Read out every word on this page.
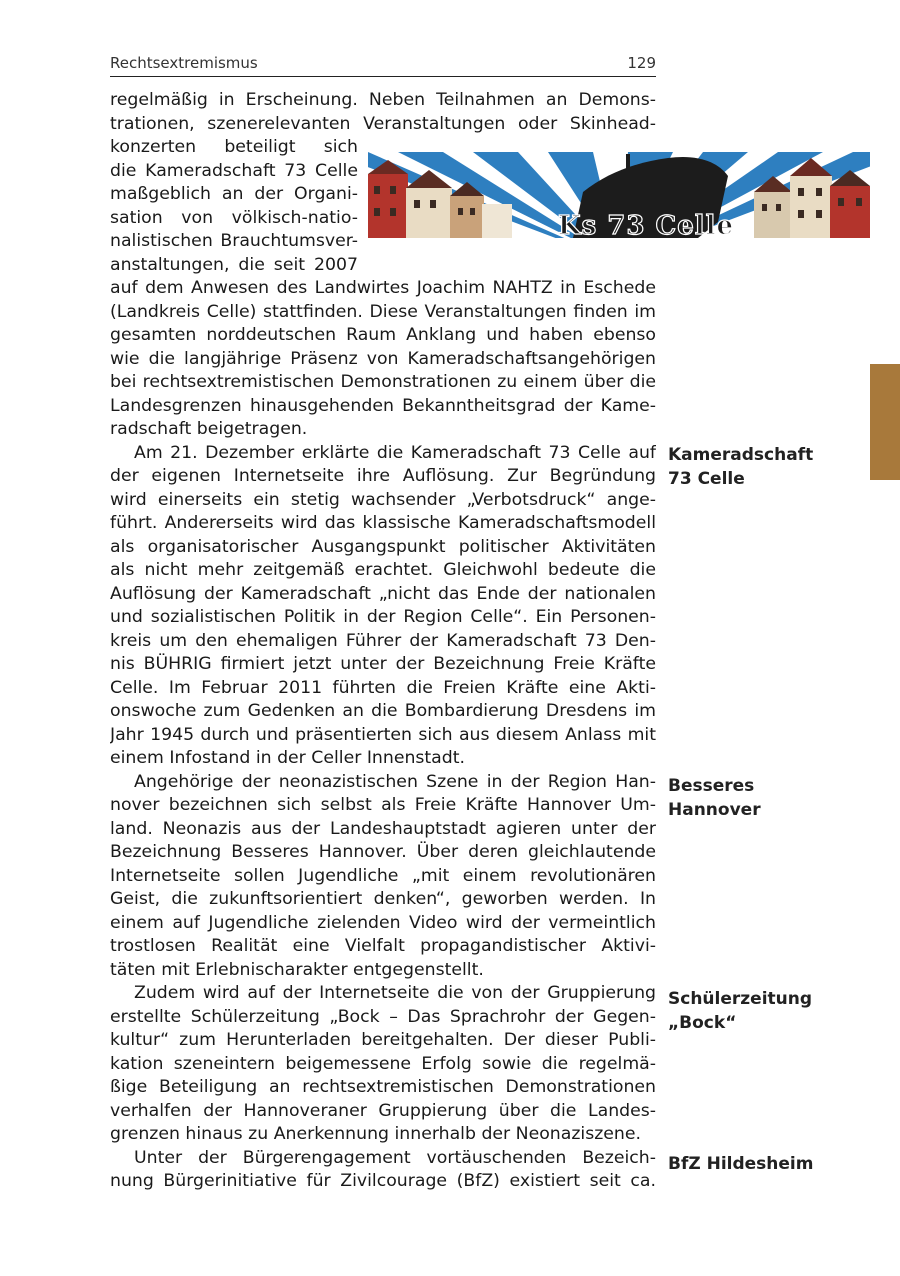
Rechtsextremismus	129
Ks 73 Celle
regelmäßig in Erscheinung. Neben Teilnahmen an Demons-
trationen, szenerelevanten Veranstaltungen oder Skinhead-
konzerten beteiligt sich
die Kameradschaft 73 Celle
maßgeblich an der Organi-
sation von völkisch-natio-
nalistischen Brauchtumsver-
anstaltungen, die seit 2007
auf dem Anwesen des Landwirtes Joachim NAHTZ in Eschede
(Landkreis Celle) stattfinden. Diese Veranstaltungen finden im
gesamten norddeutschen Raum Anklang und haben ebenso
wie die langjährige Präsenz von Kameradschaftsangehörigen
bei rechtsextremistischen Demonstrationen zu einem über die
Landesgrenzen hinausgehenden Bekanntheitsgrad der Kame-
radschaft beigetragen.
Am 21. Dezember erklärte die Kameradschaft 73 Celle auf
der eigenen Internetseite ihre Auflösung. Zur Begründung
wird einerseits ein stetig wachsender „Verbotsdruck“ ange-
führt. Andererseits wird das klassische Kameradschaftsmodell
als organisatorischer Ausgangspunkt politischer Aktivitäten
als nicht mehr zeitgemäß erachtet. Gleichwohl bedeute die
Auflösung der Kameradschaft „nicht das Ende der nationalen
und sozialistischen Politik in der Region Celle“. Ein Personen-
kreis um den ehemaligen Führer der Kameradschaft 73 Den-
nis BÜHRIG firmiert jetzt unter der Bezeichnung Freie Kräfte
Celle. Im Februar 2011 führten die Freien Kräfte eine Akti-
onswoche zum Gedenken an die Bombardierung Dresdens im
Jahr 1945 durch und präsentierten sich aus diesem Anlass mit
einem Infostand in der Celler Innenstadt.
Angehörige der neonazistischen Szene in der Region Han-
nover bezeichnen sich selbst als Freie Kräfte Hannover Um-
land. Neonazis aus der Landeshauptstadt agieren unter der
Bezeichnung Besseres Hannover. Über deren gleichlautende
Internetseite sollen Jugendliche „mit einem revolutionären
Geist, die zukunftsorientiert denken“, geworben werden. In
einem auf Jugendliche zielenden Video wird der vermeintlich
trostlosen Realität eine Vielfalt propagandistischer Aktivi-
täten mit Erlebnischarakter entgegenstellt.
Zudem wird auf der Internetseite die von der Gruppierung
erstellte Schülerzeitung „Bock – Das Sprachrohr der Gegen-
kultur“ zum Herunterladen bereitgehalten. Der dieser Publi-
kation szeneintern beigemessene Erfolg sowie die regelmä-
ßige Beteiligung an rechtsextremistischen Demonstrationen
verhalfen der Hannoveraner Gruppierung über die Landes-
grenzen hinaus zu Anerkennung innerhalb der Neonaziszene.
Unter der Bürgerengagement vortäuschenden Bezeich-
nung Bürgerinitiative für Zivilcourage (BfZ) existiert seit ca.
Kameradschaft
73 Celle
Besseres
Hannover
Schülerzeitung
„Bock“
BfZ Hildesheim
